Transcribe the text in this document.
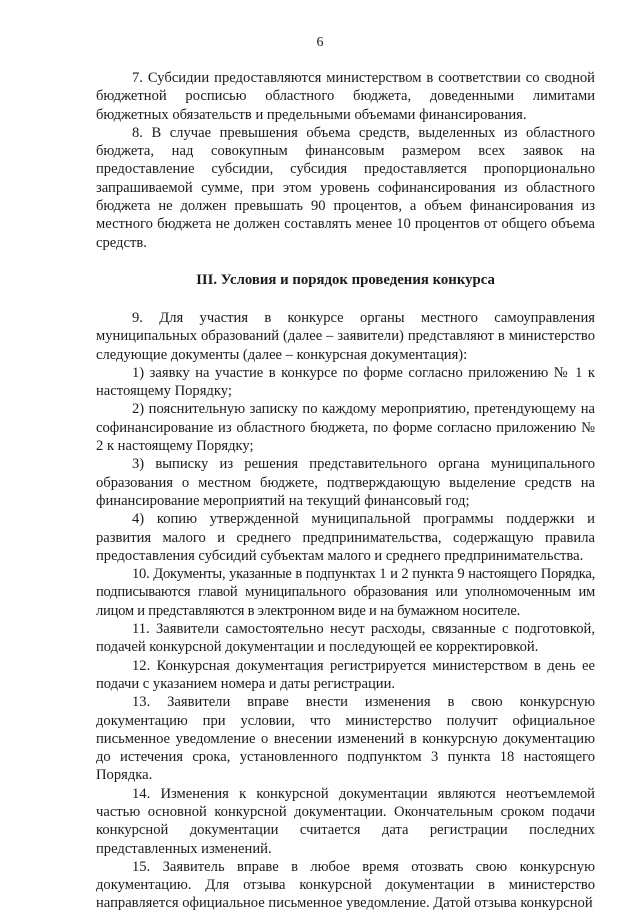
6

7. Субсидии предоставляются министерством в соответствии со сводной бюджетной росписью областного бюджета, доведенными лимитами бюджетных обязательств и предельными объемами финансирования.

8. В случае превышения объема средств, выделенных из областного бюджета, над совокупным финансовым размером всех заявок на предоставление субсидии, субсидия предоставляется пропорционально запрашиваемой сумме, при этом уровень софинансирования из областного бюджета не должен превышать 90 процентов, а объем финансирования из местного бюджета не должен составлять менее 10 процентов от общего объема средств.

III. Условия и порядок проведения конкурса

9. Для участия в конкурсе органы местного самоуправления муниципальных образований (далее – заявители) представляют в министерство следующие документы (далее – конкурсная документация):

1) заявку на участие в конкурсе по форме согласно приложению № 1 к настоящему Порядку;

2) пояснительную записку по каждому мероприятию, претендующему на софинансирование из областного бюджета, по форме согласно приложению № 2 к настоящему Порядку;

3) выписку из решения представительного органа муниципального образования о местном бюджете, подтверждающую выделение средств на финансирование мероприятий на текущий финансовый год;

4) копию утвержденной муниципальной программы поддержки и развития малого и среднего предпринимательства, содержащую правила предоставления субсидий субъектам малого и среднего предпринимательства.

10. Документы, указанные в подпунктах 1 и 2 пункта 9 настоящего Порядка, подписываются главой муниципального образования или уполномоченным им лицом и представляются в электронном виде и на бумажном носителе.

11. Заявители самостоятельно несут расходы, связанные с подготовкой, подачей конкурсной документации и последующей ее корректировкой.

12. Конкурсная документация регистрируется министерством в день ее подачи с указанием номера и даты регистрации.

13. Заявители вправе внести изменения в свою конкурсную документацию при условии, что министерство получит официальное письменное уведомление о внесении изменений в конкурсную документацию до истечения срока, установленного подпунктом 3 пункта 18 настоящего Порядка.

14. Изменения к конкурсной документации являются неотъемлемой частью основной конкурсной документации. Окончательным сроком подачи конкурсной документации считается дата регистрации последних представленных изменений.

15. Заявитель вправе в любое время отозвать свою конкурсную документацию. Для отзыва конкурсной документации в министерство направляется официальное письменное уведомление. Датой отзыва конкурсной
